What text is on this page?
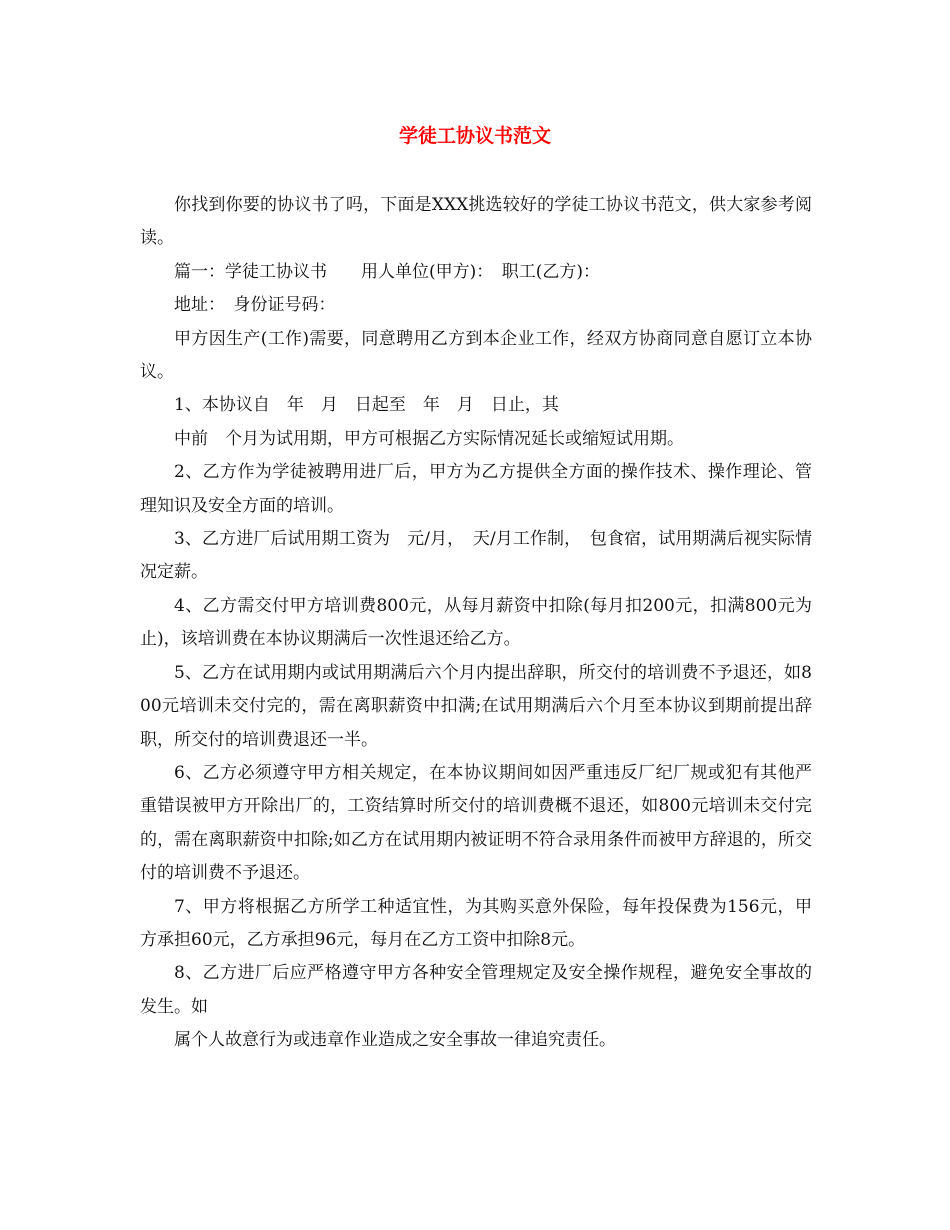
学徒工协议书范文

你找到你要的协议书了吗，下面是XXX挑选较好的学徒工协议书范文，供大家参考阅读。

篇一：学徒工协议书　　用人单位(甲方)：　职工(乙方)：

地址：　身份证号码：

甲方因生产(工作)需要，同意聘用乙方到本企业工作，经双方协商同意自愿订立本协议。

1、本协议自　年　月　日起至　年　月　日止，其

中前　个月为试用期，甲方可根据乙方实际情况延长或缩短试用期。

2、乙方作为学徒被聘用进厂后，甲方为乙方提供全方面的操作技术、操作理论、管理知识及安全方面的培训。

3、乙方进厂后试用期工资为　元/月，　天/月工作制，　包食宿，试用期满后视实际情况定薪。

4、乙方需交付甲方培训费800元，从每月薪资中扣除(每月扣200元，扣满800元为止)，该培训费在本协议期满后一次性退还给乙方。

5、乙方在试用期内或试用期满后六个月内提出辞职，所交付的培训费不予退还，如800元培训未交付完的，需在离职薪资中扣满;在试用期满后六个月至本协议到期前提出辞职，所交付的培训费退还一半。

6、乙方必须遵守甲方相关规定，在本协议期间如因严重违反厂纪厂规或犯有其他严重错误被甲方开除出厂的，工资结算时所交付的培训费概不退还，如800元培训未交付完的，需在离职薪资中扣除;如乙方在试用期内被证明不符合录用条件而被甲方辞退的，所交付的培训费不予退还。

7、甲方将根据乙方所学工种适宜性，为其购买意外保险，每年投保费为156元，甲方承担60元，乙方承担96元，每月在乙方工资中扣除8元。

8、乙方进厂后应严格遵守甲方各种安全管理规定及安全操作规程，避免安全事故的发生。如

属个人故意行为或违章作业造成之安全事故一律追究责任。
